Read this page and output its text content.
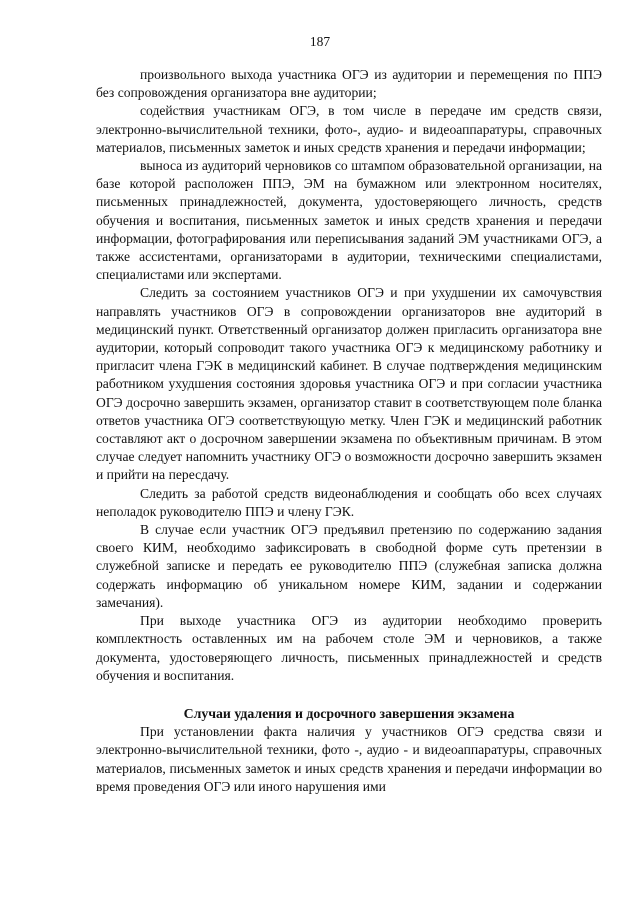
187

произвольного выхода участника ОГЭ из аудитории и перемещения по ППЭ без сопровождения организатора вне аудитории;

содействия участникам ОГЭ, в том числе в передаче им средств связи, электронно-вычислительной техники, фото-, аудио- и видеоаппаратуры, справочных материалов, письменных заметок и иных средств хранения и передачи информации;

выноса из аудиторий черновиков со штампом образовательной организации, на базе которой расположен ППЭ, ЭМ на бумажном или электронном носителях, письменных принадлежностей, документа, удостоверяющего личность, средств обучения и воспитания, письменных заметок и иных средств хранения и передачи информации, фотографирования или переписывания заданий ЭМ участниками ОГЭ, а также ассистентами, организаторами в аудитории, техническими специалистами, специалистами или экспертами.

Следить за состоянием участников ОГЭ и при ухудшении их самочувствия направлять участников ОГЭ в сопровождении организаторов вне аудиторий в медицинский пункт. Ответственный организатор должен пригласить организатора вне аудитории, который сопроводит такого участника ОГЭ к медицинскому работнику и пригласит члена ГЭК в медицинский кабинет. В случае подтверждения медицинским работником ухудшения состояния здоровья участника ОГЭ и при согласии участника ОГЭ досрочно завершить экзамен, организатор ставит в соответствующем поле бланка ответов участника ОГЭ соответствующую метку. Член ГЭК и медицинский работник составляют акт о досрочном завершении экзамена по объективным причинам. В этом случае следует напомнить участнику ОГЭ о возможности досрочно завершить экзамен и прийти на пересдачу.

Следить за работой средств видеонаблюдения и сообщать обо всех случаях неполадок руководителю ППЭ и члену ГЭК.

В случае если участник ОГЭ предъявил претензию по содержанию задания своего КИМ, необходимо зафиксировать в свободной форме суть претензии в служебной записке и передать ее руководителю ППЭ (служебная записка должна содержать информацию об уникальном номере КИМ, задании и содержании замечания).

При выходе участника ОГЭ из аудитории необходимо проверить комплектность оставленных им на рабочем столе ЭМ и черновиков, а также документа, удостоверяющего личность, письменных принадлежностей и средств обучения и воспитания.

Случаи удаления и досрочного завершения экзамена

При установлении факта наличия у участников ОГЭ средства связи и электронно-вычислительной техники, фото -, аудио - и видеоаппаратуры, справочных материалов, письменных заметок и иных средств хранения и передачи информации во время проведения ОГЭ или иного нарушения ими
